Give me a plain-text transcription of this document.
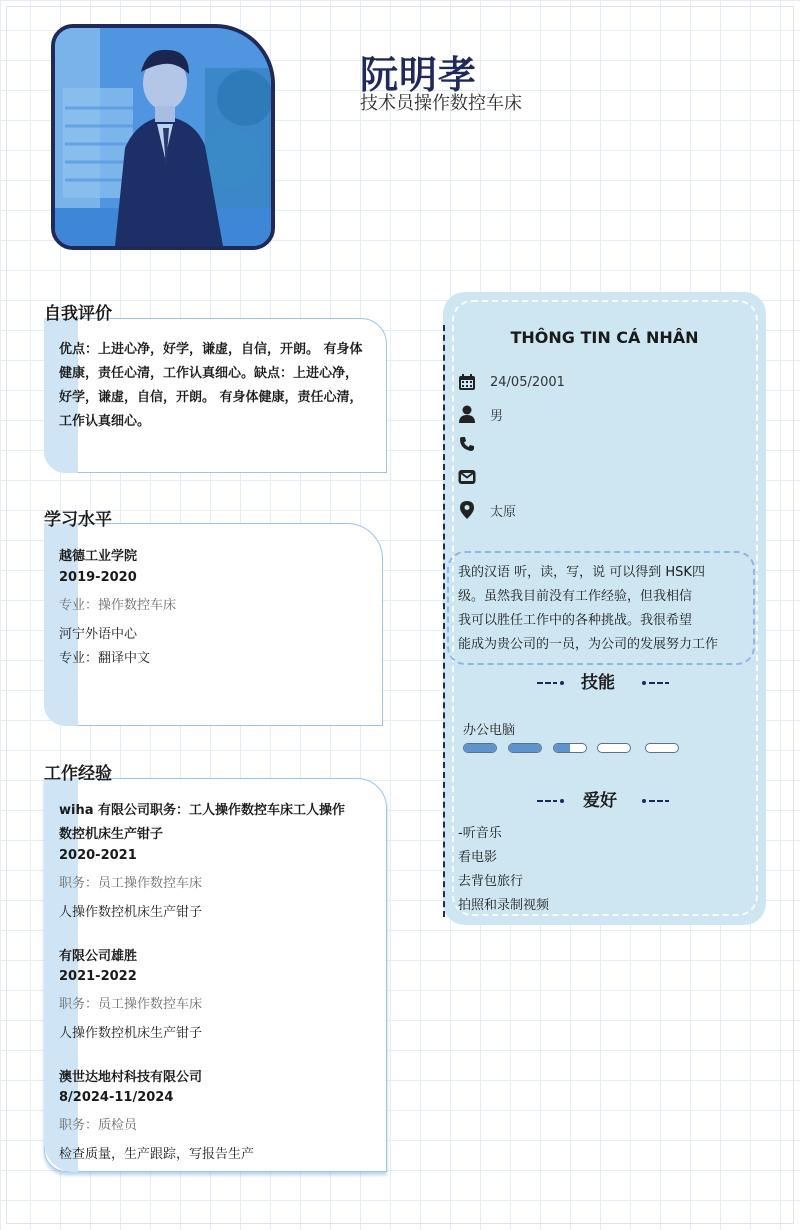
阮明孝
技术员操作数控车床
自我评价
优点：上进心净，好学，谦虚，自信，开朗。 有身体健康，责任心清，工作认真细心。缺点：上进心净，好学，谦虚，自信，开朗。 有身体健康，责任心清，工作认真细心。
学习水平
越德工业学院
2019-2020
专业：操作数控车床
河宁外语中心
专业：翻译中文
工作经验
wiha 有限公司职务：工人操作数控车床工人操作
数控机床生产钳子
2020-2021
职务：员工操作数控车床
人操作数控机床生产钳子
有限公司雄胜
2021-2022
职务：员工操作数控车床
人操作数控机床生产钳子
澳世达地村科技有限公司
8/2024-11/2024
职务：质检员
检查质量，生产跟踪，写报告生产
THÔNG TIN CÁ NHÂN
24/05/2001
男
太原
我的汉语 听，读，写，说 可以得到 HSK四
级。虽然我目前没有工作经验，但我相信
我可以胜任工作中的各种挑战。我很希望
能成为贵公司的一员，为公司的发展努力工作
技能
办公电脑
爱好
-听音乐
看电影
去背包旅行
拍照和录制视频
